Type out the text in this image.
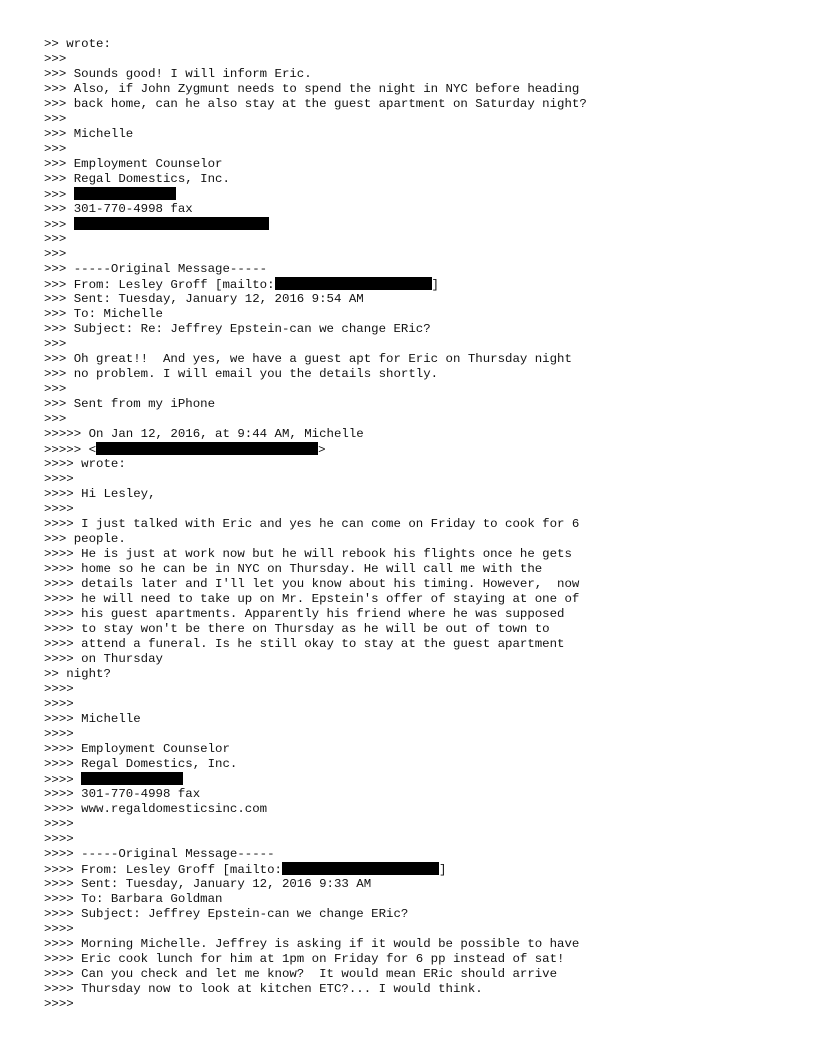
>> wrote:
>>>
>>> Sounds good! I will inform Eric.
>>> Also, if John Zygmunt needs to spend the night in NYC before heading
>>> back home, can he also stay at the guest apartment on Saturday night?
>>>
>>> Michelle
>>>
>>> Employment Counselor
>>> Regal Domestics, Inc.
>>>
>>> 301-770-4998 fax
>>>
>>>
>>>
>>> -----Original Message-----
>>> From: Lesley Groff [mailto:	]
>>> Sent: Tuesday, January 12, 2016 9:54 AM
>>> To: Michelle
>>> Subject: Re: Jeffrey Epstein-can we change ERic?
>>>
>>> Oh great!!  And yes, we have a guest apt for Eric on Thursday night
>>> no problem. I will email you the details shortly.
>>>
>>> Sent from my iPhone
>>>
>>>>> On Jan 12, 2016, at 9:44 AM, Michelle
>>>>> <	>
>>>> wrote:
>>>>
>>>> Hi Lesley,
>>>>
>>>> I just talked with Eric and yes he can come on Friday to cook for 6
>>> people.
>>>> He is just at work now but he will rebook his flights once he gets
>>>> home so he can be in NYC on Thursday. He will call me with the
>>>> details later and I'll let you know about his timing. However,  now
>>>> he will need to take up on Mr. Epstein's offer of staying at one of
>>>> his guest apartments. Apparently his friend where he was supposed
>>>> to stay won't be there on Thursday as he will be out of town to
>>>> attend a funeral. Is he still okay to stay at the guest apartment
>>>> on Thursday
>> night?
>>>>
>>>>
>>>> Michelle
>>>>
>>>> Employment Counselor
>>>> Regal Domestics, Inc.
>>>>
>>>> 301-770-4998 fax
>>>> www.regaldomesticsinc.com
>>>>
>>>>
>>>> -----Original Message-----
>>>> From: Lesley Groff [mailto:	]
>>>> Sent: Tuesday, January 12, 2016 9:33 AM
>>>> To: Barbara Goldman
>>>> Subject: Jeffrey Epstein-can we change ERic?
>>>>
>>>> Morning Michelle. Jeffrey is asking if it would be possible to have
>>>> Eric cook lunch for him at 1pm on Friday for 6 pp instead of sat!
>>>> Can you check and let me know?  It would mean ERic should arrive
>>>> Thursday now to look at kitchen ETC?... I would think.
>>>>
